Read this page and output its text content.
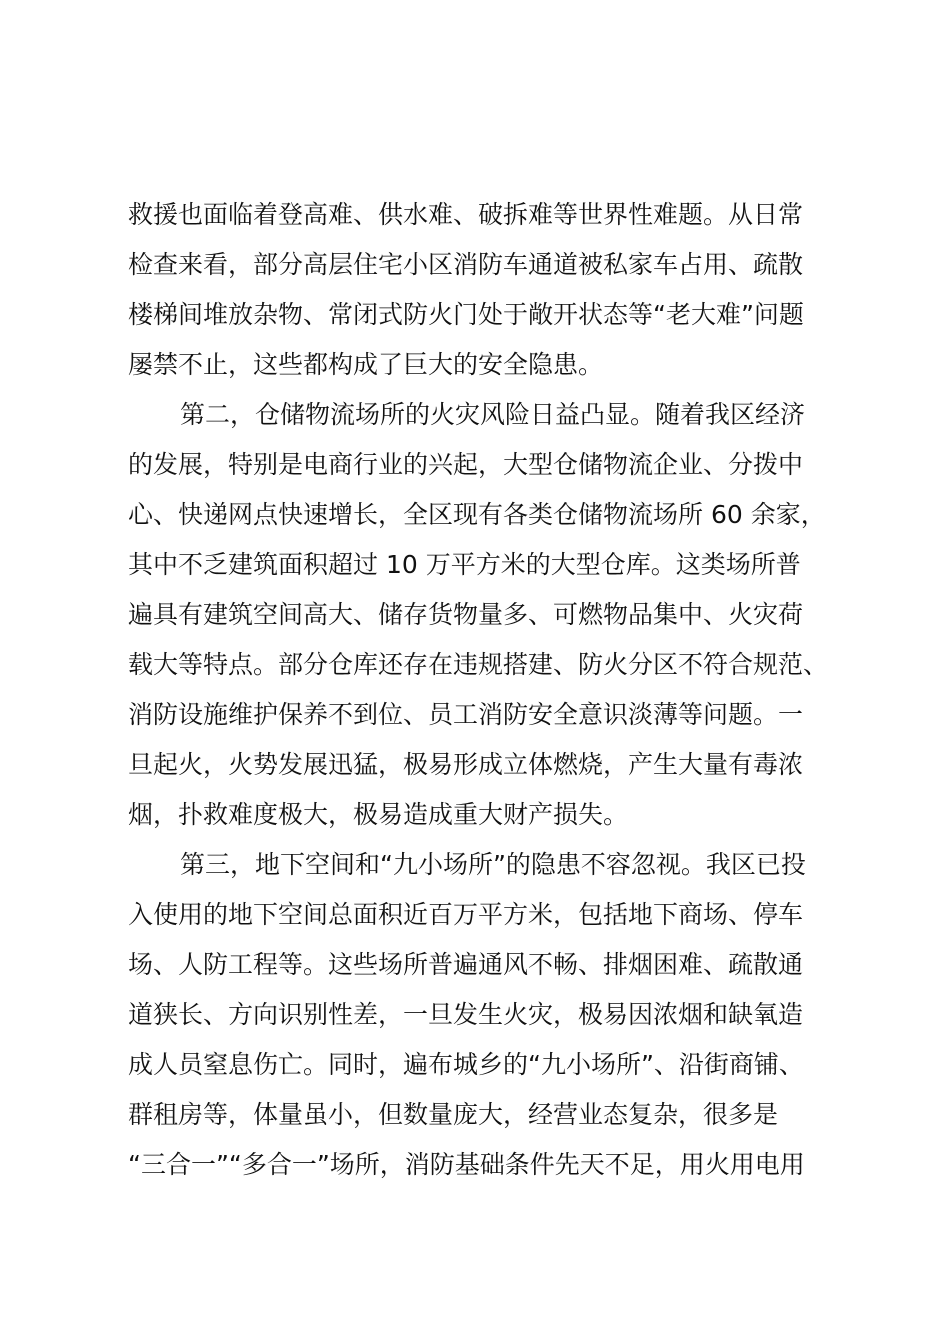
救援也面临着登高难、供水难、破拆难等世界性难题。从日常
检查来看，部分高层住宅小区消防车通道被私家车占用、疏散
楼梯间堆放杂物、常闭式防火门处于敞开状态等“老大难”问题
屡禁不止，这些都构成了巨大的安全隐患。
第二，仓储物流场所的火灾风险日益凸显。随着我区经济
的发展，特别是电商行业的兴起，大型仓储物流企业、分拨中
心、快递网点快速增长，全区现有各类仓储物流场所 60 余家，
其中不乏建筑面积超过 10 万平方米的大型仓库。这类场所普
遍具有建筑空间高大、储存货物量多、可燃物品集中、火灾荷
载大等特点。部分仓库还存在违规搭建、防火分区不符合规范、
消防设施维护保养不到位、员工消防安全意识淡薄等问题。一
旦起火，火势发展迅猛，极易形成立体燃烧，产生大量有毒浓
烟，扑救难度极大，极易造成重大财产损失。
第三，地下空间和“九小场所”的隐患不容忽视。我区已投
入使用的地下空间总面积近百万平方米，包括地下商场、停车
场、人防工程等。这些场所普遍通风不畅、排烟困难、疏散通
道狭长、方向识别性差，一旦发生火灾，极易因浓烟和缺氧造
成人员窒息伤亡。同时，遍布城乡的“九小场所”、沿街商铺、
群租房等，体量虽小，但数量庞大，经营业态复杂，很多是
“三合一”“多合一”场所，消防基础条件先天不足，用火用电用
